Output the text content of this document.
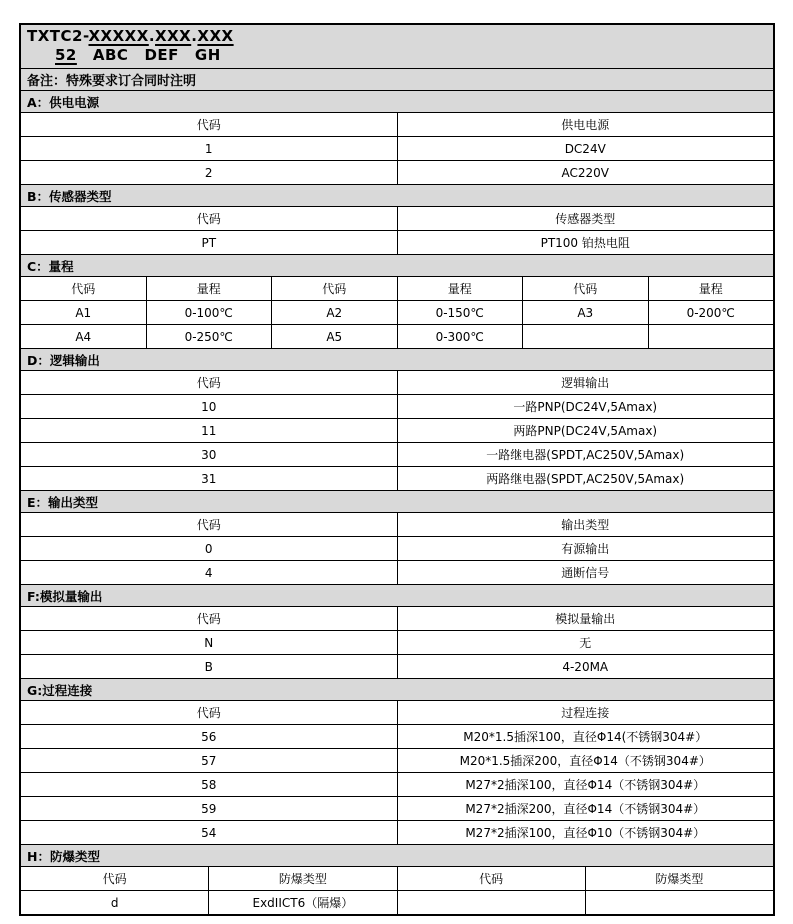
TXTC2-XXXXX.XXX.XXX
52 ABC DEF GH
备注：特殊要求订合同时注明
A：供电电源
代码	供电电源
1	DC24V
2	AC220V
B：传感器类型
代码	传感器类型
PT	PT100 铂热电阻
C：量程
代码	量程	代码	量程	代码	量程
A1	0-100℃	A2	0-150℃	A3	0-200℃
A4	0-250℃	A5	0-300℃
D：逻辑输出
代码	逻辑输出
10	一路PNP(DC24V,5Amax)
11	两路PNP(DC24V,5Amax)
30	一路继电器(SPDT,AC250V,5Amax)
31	两路继电器(SPDT,AC250V,5Amax)
E：输出类型
代码	输出类型
0	有源输出
4	通断信号
F:模拟量输出
代码	模拟量输出
N	无
B	4-20MA
G:过程连接
代码	过程连接
56	M20*1.5插深100，直径Φ14(不锈钢304#）
57	M20*1.5插深200，直径Φ14（不锈钢304#）
58	M27*2插深100，直径Φ14（不锈钢304#）
59	M27*2插深200，直径Φ14（不锈钢304#）
54	M27*2插深100，直径Φ10（不锈钢304#）
H：防爆类型
代码	防爆类型	代码	防爆类型
d	ExdIICT6（隔爆）
